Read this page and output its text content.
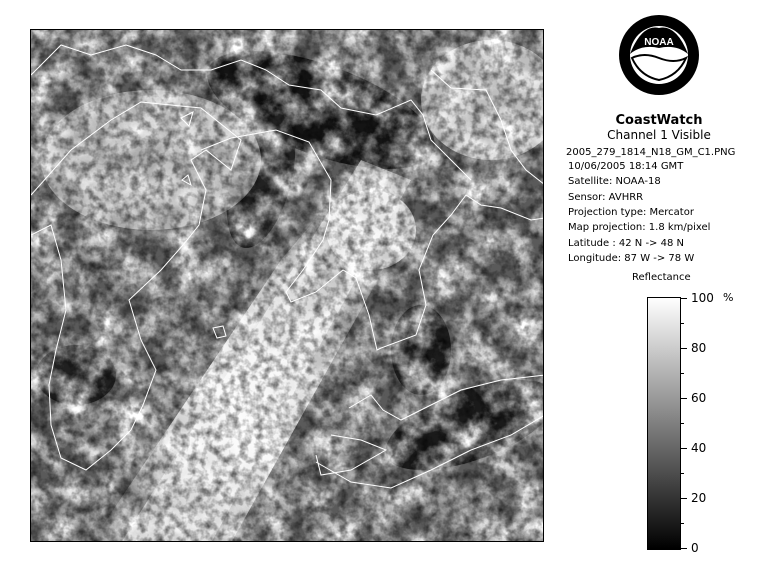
NOAA
CoastWatch
Channel 1 Visible
2005_279_1814_N18_GM_C1.PNG
10/06/2005 18:14 GMT
Satellite: NOAA-18
Sensor: AVHRR
Projection type: Mercator
Map projection: 1.8 km/pixel
Latitude : 42 N -> 48 N
Longitude: 87 W -> 78 W
Reflectance
%
100
80
60
40
20
0
